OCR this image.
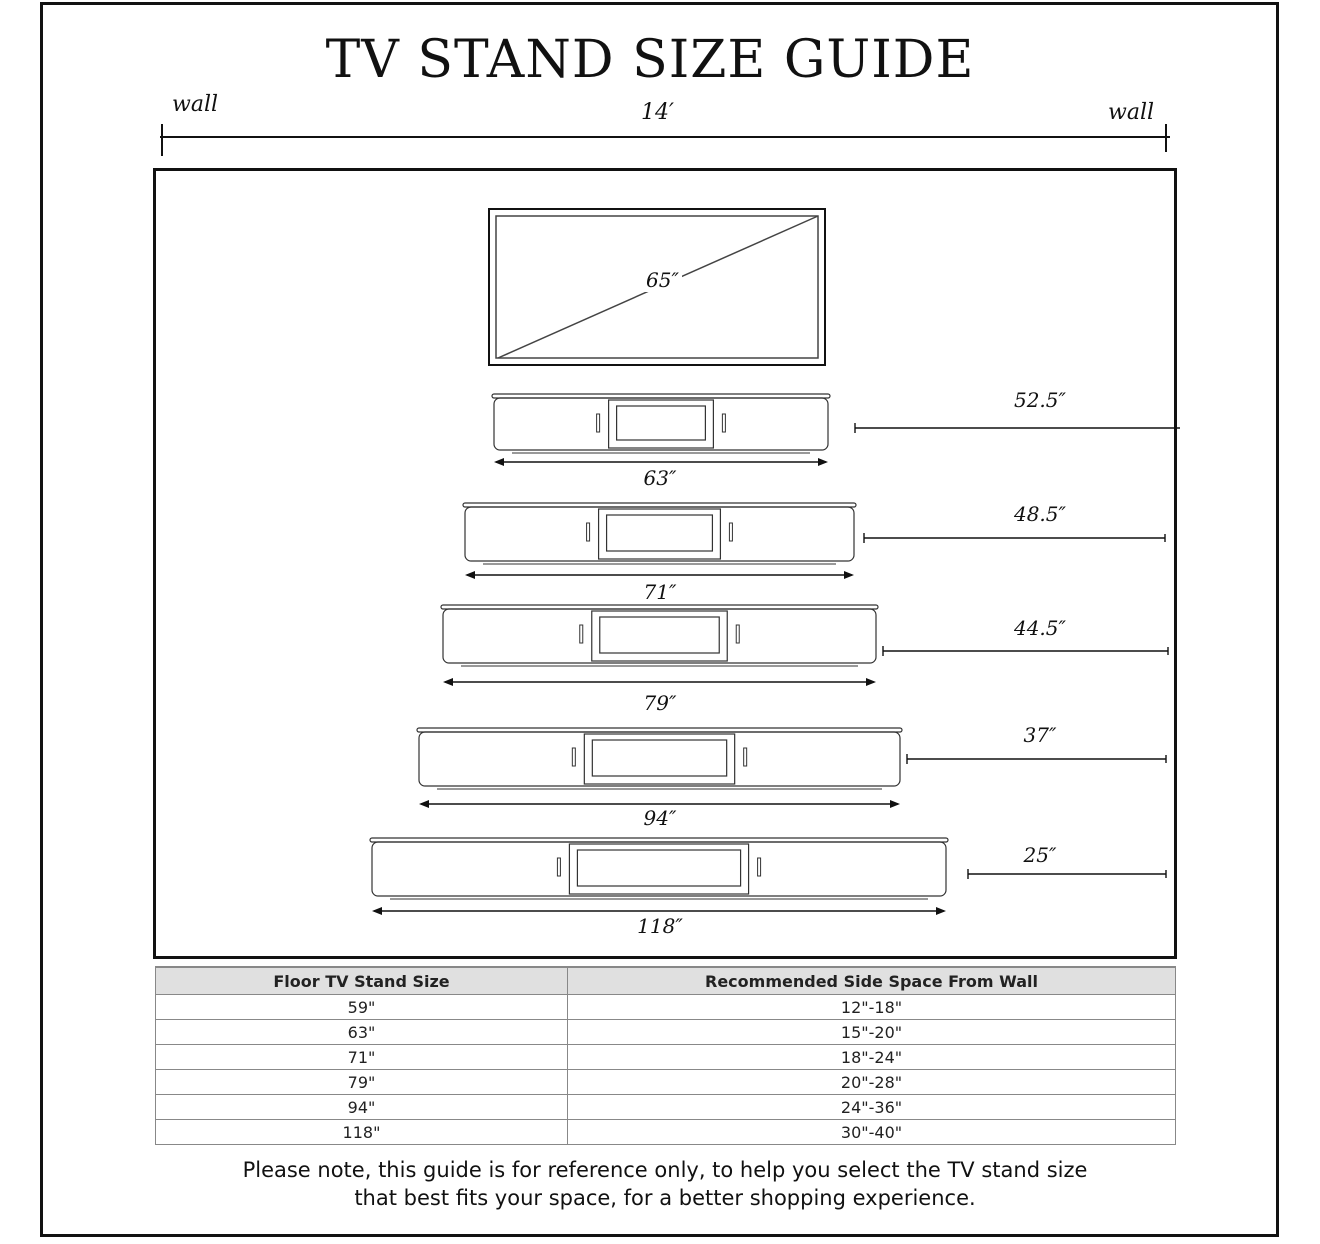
TV STAND SIZE GUIDE
wall	wall
14′
65″
63″
52.5″
71″
48.5″
79″
44.5″
94″
37″
118″
25″
Floor TV Stand Size	Recommended Side Space From Wall
59"	12"-18"
63"	15"-20"
71"	18"-24"
79"	20"-28"
94"	24"-36"
118"	30"-40"
Please note, this guide is for reference only, to help you select the TV stand size
that best fits your space, for a better shopping experience.
